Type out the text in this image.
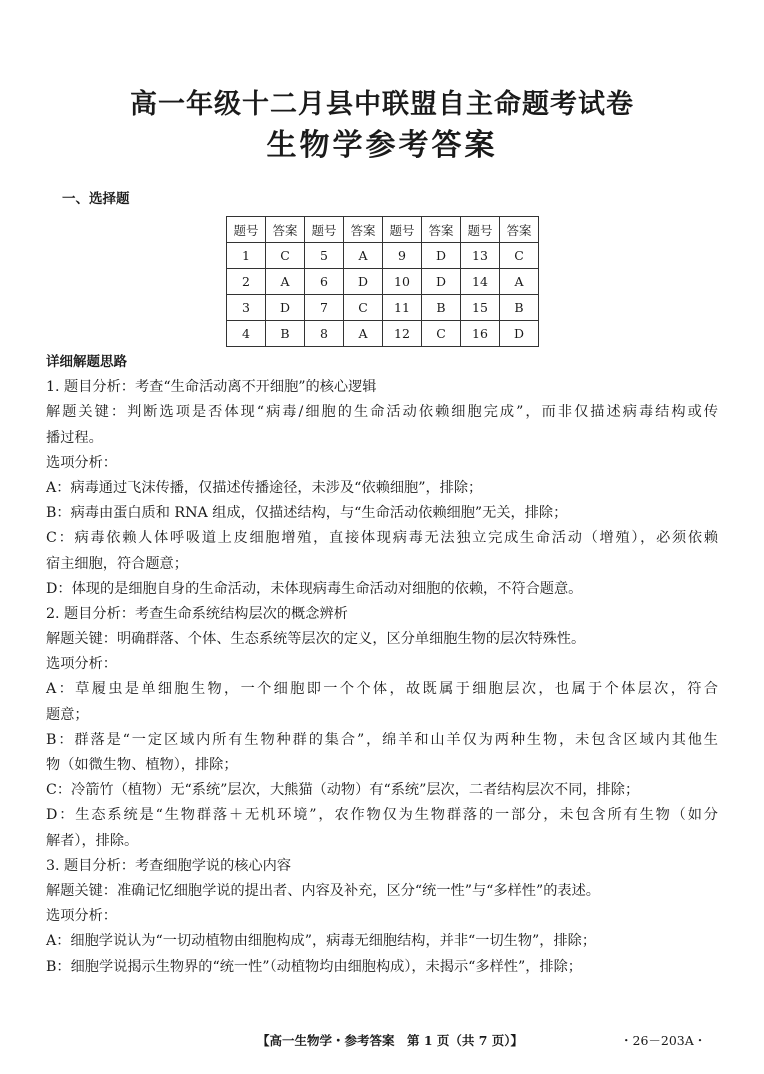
高一年级十二月县中联盟自主命题考试卷
生物学参考答案
一、选择题
题号	答案	题号	答案	题号	答案	题号	答案
1	C	5	A	9	D	13	C
2	A	6	D	10	D	14	A
3	D	7	C	11	B	15	B
4	B	8	A	12	C	16	D
详细解题思路
1. 题目分析：考查“生命活动离不开细胞”的核心逻辑
解题关键：判断选项是否体现“病毒/细胞的生命活动依赖细胞完成”，而非仅描述病毒结构或传
播过程。
选项分析：
A：病毒通过飞沫传播，仅描述传播途径，未涉及“依赖细胞”，排除；
B：病毒由蛋白质和 RNA 组成，仅描述结构，与“生命活动依赖细胞”无关，排除；
C：病毒依赖人体呼吸道上皮细胞增殖，直接体现病毒无法独立完成生命活动（增殖），必须依赖
宿主细胞，符合题意；
D：体现的是细胞自身的生命活动，未体现病毒生命活动对细胞的依赖，不符合题意。
2. 题目分析：考查生命系统结构层次的概念辨析
解题关键：明确群落、个体、生态系统等层次的定义，区分单细胞生物的层次特殊性。
选项分析：
A：草履虫是单细胞生物，一个细胞即一个个体，故既属于细胞层次，也属于个体层次，符合
题意；
B：群落是“一定区域内所有生物种群的集合”，绵羊和山羊仅为两种生物，未包含区域内其他生
物（如微生物、植物），排除；
C：冷箭竹（植物）无“系统”层次，大熊猫（动物）有“系统”层次，二者结构层次不同，排除；
D：生态系统是“生物群落＋无机环境”，农作物仅为生物群落的一部分，未包含所有生物（如分
解者），排除。
3. 题目分析：考查细胞学说的核心内容
解题关键：准确记忆细胞学说的提出者、内容及补充，区分“统一性”与“多样性”的表述。
选项分析：
A：细胞学说认为“一切动植物由细胞构成”，病毒无细胞结构，并非“一切生物”，排除；
B：细胞学说揭示生物界的“统一性”（动植物均由细胞构成），未揭示“多样性”，排除；
【高一生物学・参考答案　第 1 页（共 7 页）】	・26－203A・
